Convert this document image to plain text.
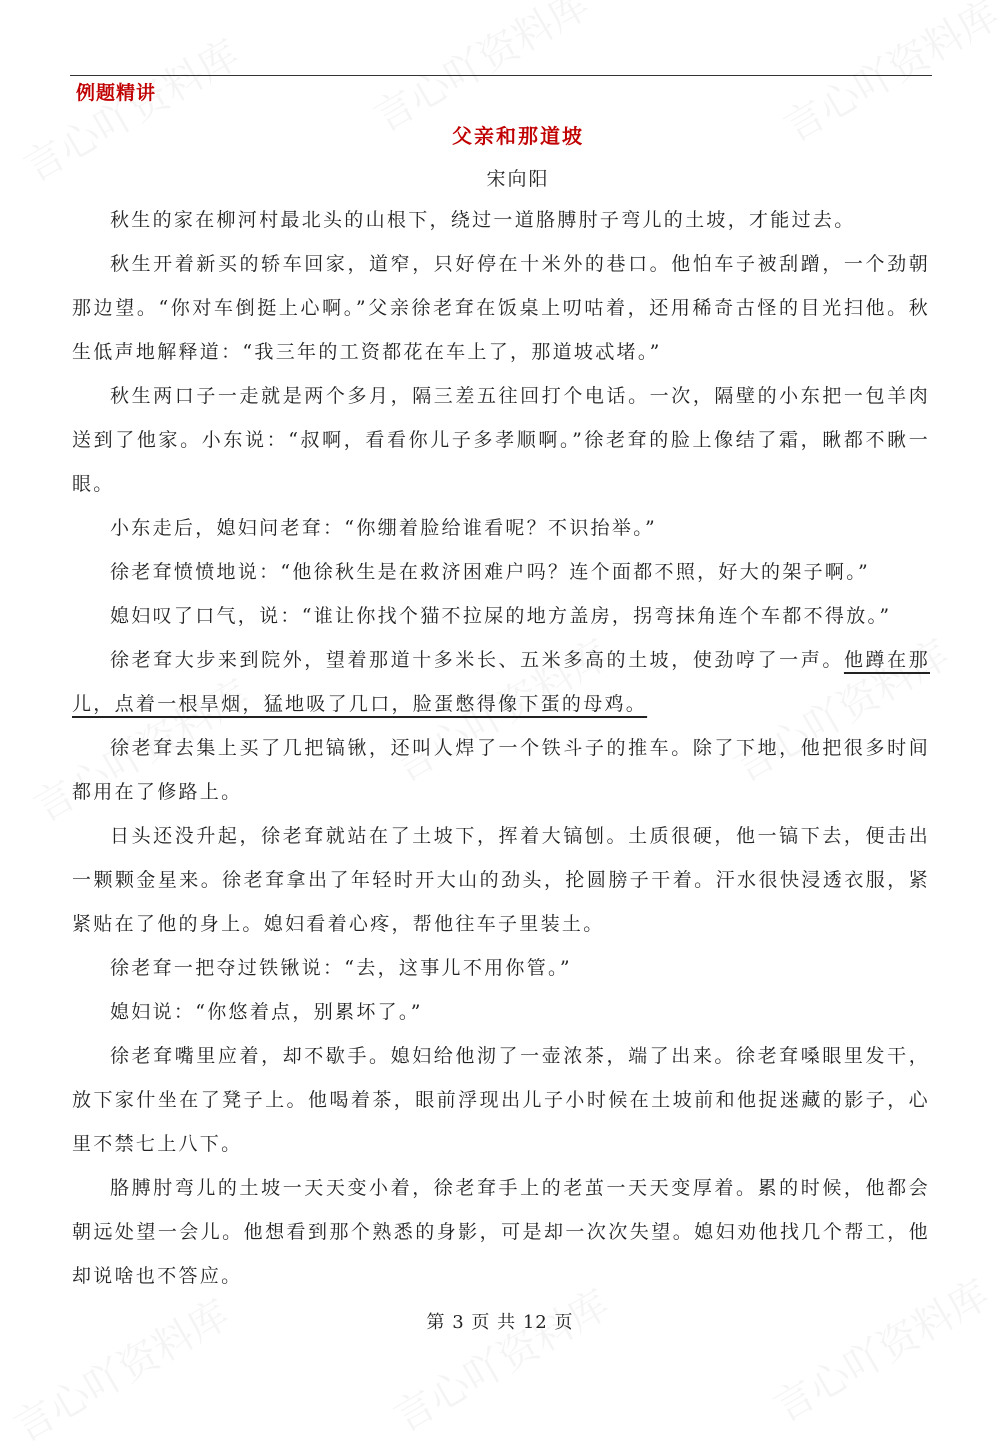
例题精讲
父亲和那道坡
宋向阳

秋生的家在柳河村最北头的山根下，绕过一道胳膊肘子弯儿的土坡，才能过去。

秋生开着新买的轿车回家，道窄，只好停在十米外的巷口。他怕车子被刮蹭，一个劲朝那边望。“你对车倒挺上心啊。”父亲徐老耷在饭桌上叨咕着，还用稀奇古怪的目光扫他。秋生低声地解释道：“我三年的工资都花在车上了，那道坡忒堵。”

秋生两口子一走就是两个多月，隔三差五往回打个电话。一次，隔壁的小东把一包羊肉送到了他家。小东说：“叔啊，看看你儿子多孝顺啊。”徐老耷的脸上像结了霜，瞅都不瞅一眼。

小东走后，媳妇问老耷：“你绷着脸给谁看呢？不识抬举。”

徐老耷愤愤地说：“他徐秋生是在救济困难户吗？连个面都不照，好大的架子啊。”

媳妇叹了口气，说：“谁让你找个猫不拉屎的地方盖房，拐弯抹角连个车都不得放。”

徐老耷大步来到院外，望着那道十多米长、五米多高的土坡，使劲哼了一声。他蹲在那儿，点着一根旱烟，猛地吸了几口，脸蛋憋得像下蛋的母鸡。

徐老耷去集上买了几把镐锹，还叫人焊了一个铁斗子的推车。除了下地，他把很多时间都用在了修路上。

日头还没升起，徐老耷就站在了土坡下，挥着大镐刨。土质很硬，他一镐下去，便击出一颗颗金星来。徐老耷拿出了年轻时开大山的劲头，抡圆膀子干着。汗水很快浸透衣服，紧紧贴在了他的身上。媳妇看着心疼，帮他往车子里装土。

徐老耷一把夺过铁锹说：“去，这事儿不用你管。”

媳妇说：“你悠着点，别累坏了。”

徐老耷嘴里应着，却不歇手。媳妇给他沏了一壶浓茶，端了出来。徐老耷嗓眼里发干，放下家什坐在了凳子上。他喝着茶，眼前浮现出儿子小时候在土坡前和他捉迷藏的影子，心里不禁七上八下。

胳膊肘弯儿的土坡一天天变小着，徐老耷手上的老茧一天天变厚着。累的时候，他都会朝远处望一会儿。他想看到那个熟悉的身影，可是却一次次失望。媳妇劝他找几个帮工，他却说啥也不答应。

第 3 页 共 12 页
